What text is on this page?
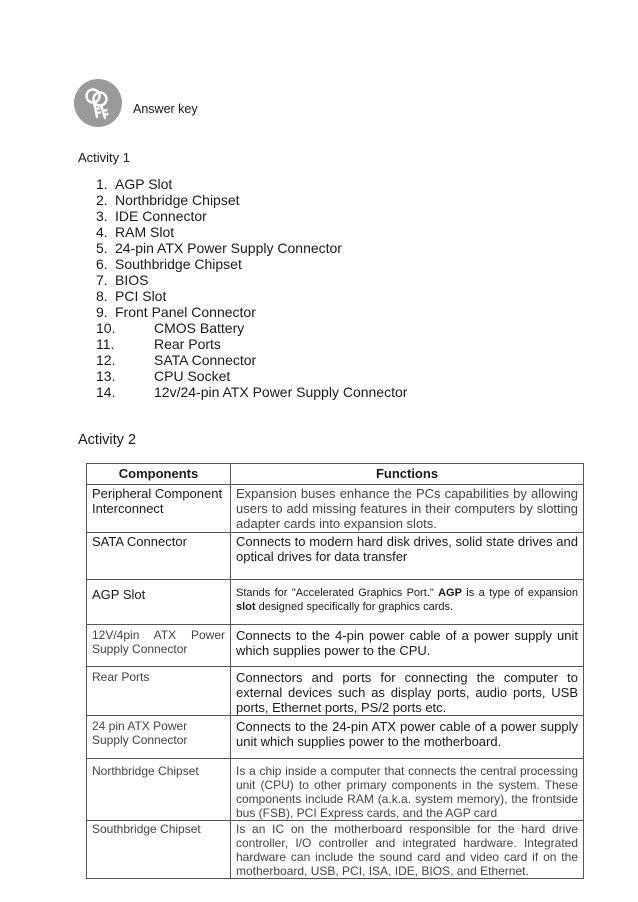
Answer key
Activity 1
1. AGP Slot
2. Northbridge Chipset
3. IDE Connector
4. RAM Slot
5. 24-pin ATX Power Supply Connector
6. Southbridge Chipset
7. BIOS
8. PCI Slot
9. Front Panel Connector
10.	CMOS Battery
11.	Rear Ports
12.	SATA Connector
13.	CPU Socket
14.	12v/24-pin ATX Power Supply Connector
Activity 2
Components	Functions
Peripheral Component Interconnect	Expansion buses enhance the PCs capabilities by allowing users to add missing features in their computers by slotting adapter cards into expansion slots.
SATA Connector	Connects to modern hard disk drives, solid state drives and optical drives for data transfer
AGP Slot	Stands for "Accelerated Graphics Port." AGP is a type of expansion slot designed specifically for graphics cards.
12V/4pin ATX Power Supply Connector	Connects to the 4-pin power cable of a power supply unit which supplies power to the CPU.
Rear Ports	Connectors and ports for connecting the computer to external devices such as display ports, audio ports, USB ports, Ethernet ports, PS/2 ports etc.
24 pin ATX Power Supply Connector	Connects to the 24-pin ATX power cable of a power supply unit which supplies power to the motherboard.
Northbridge Chipset	Is a chip inside a computer that connects the central processing unit (CPU) to other primary components in the system. These components include RAM (a.k.a. system memory), the frontside bus (FSB), PCI Express cards, and the AGP card
Southbridge Chipset	Is an IC on the motherboard responsible for the hard drive controller, I/O controller and integrated hardware. Integrated hardware can include the sound card and video card if on the motherboard, USB, PCI, ISA, IDE, BIOS, and Ethernet.
